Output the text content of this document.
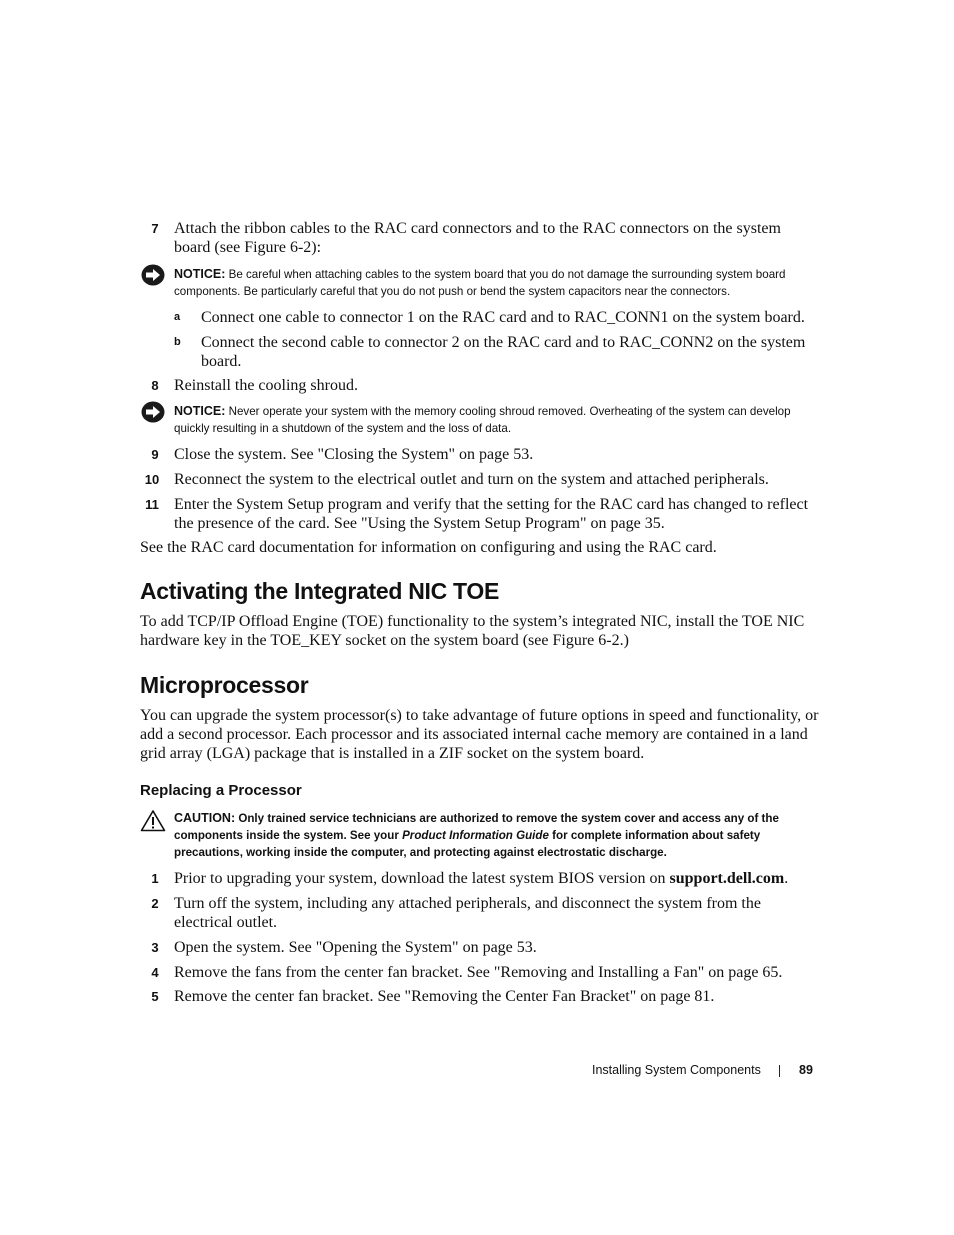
7 Attach the ribbon cables to the RAC card connectors and to the RAC connectors on the system board (see Figure 6-2):
NOTICE: Be careful when attaching cables to the system board that you do not damage the surrounding system board components. Be particularly careful that you do not push or bend the system capacitors near the connectors.
a Connect one cable to connector 1 on the RAC card and to RAC_CONN1 on the system board.
b Connect the second cable to connector 2 on the RAC card and to RAC_CONN2 on the system board.
8 Reinstall the cooling shroud.
NOTICE: Never operate your system with the memory cooling shroud removed. Overheating of the system can develop quickly resulting in a shutdown of the system and the loss of data.
9 Close the system. See "Closing the System" on page 53.
10 Reconnect the system to the electrical outlet and turn on the system and attached peripherals.
11 Enter the System Setup program and verify that the setting for the RAC card has changed to reflect the presence of the card. See "Using the System Setup Program" on page 35.
See the RAC card documentation for information on configuring and using the RAC card.
Activating the Integrated NIC TOE
To add TCP/IP Offload Engine (TOE) functionality to the system’s integrated NIC, install the TOE NIC hardware key in the TOE_KEY socket on the system board (see Figure 6-2.)
Microprocessor
You can upgrade the system processor(s) to take advantage of future options in speed and functionality, or add a second processor. Each processor and its associated internal cache memory are contained in a land grid array (LGA) package that is installed in a ZIF socket on the system board.
Replacing a Processor
CAUTION: Only trained service technicians are authorized to remove the system cover and access any of the components inside the system. See your Product Information Guide for complete information about safety precautions, working inside the computer, and protecting against electrostatic discharge.
1 Prior to upgrading your system, download the latest system BIOS version on support.dell.com.
2 Turn off the system, including any attached peripherals, and disconnect the system from the electrical outlet.
3 Open the system. See "Opening the System" on page 53.
4 Remove the fans from the center fan bracket. See "Removing and Installing a Fan" on page 65.
5 Remove the center fan bracket. See "Removing the Center Fan Bracket" on page 81.
Installing System Components	89
